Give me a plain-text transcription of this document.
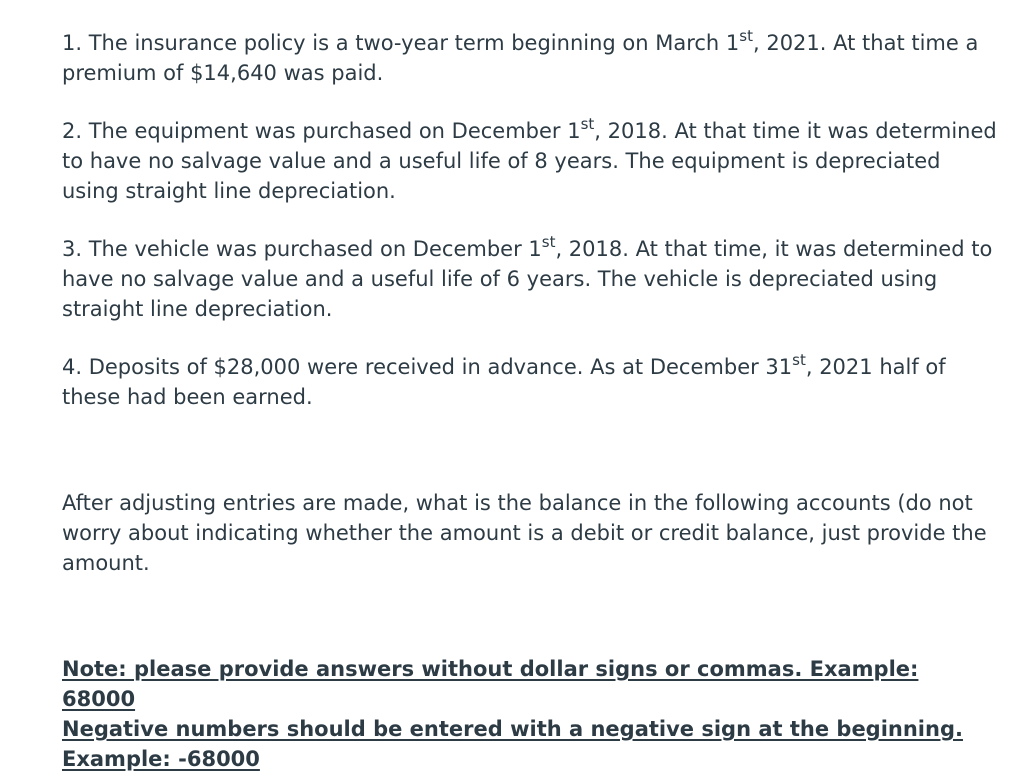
1. The insurance policy is a two-year term beginning on March 1st, 2021. At that time a premium of $14,640 was paid.

2. The equipment was purchased on December 1st, 2018. At that time it was determined to have no salvage value and a useful life of 8 years. The equipment is depreciated using straight line depreciation.

3. The vehicle was purchased on December 1st, 2018. At that time, it was determined to have no salvage value and a useful life of 6 years. The vehicle is depreciated using straight line depreciation.

4. Deposits of $28,000 were received in advance. As at December 31st, 2021 half of these had been earned.

After adjusting entries are made, what is the balance in the following accounts (do not worry about indicating whether the amount is a debit or credit balance, just provide the amount.

Note: please provide answers without dollar signs or commas. Example: 68000
Negative numbers should be entered with a negative sign at the beginning. Example: -68000
